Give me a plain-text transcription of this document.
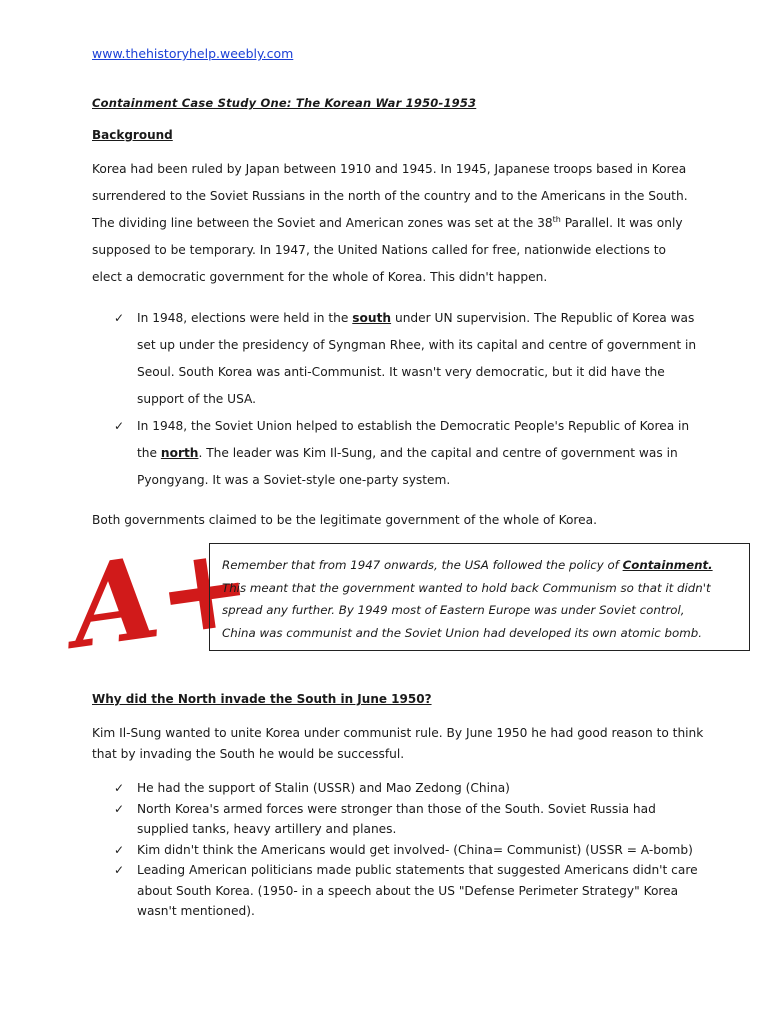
www.thehistoryhelp.weebly.com
Containment Case Study One: The Korean War 1950-1953
Background
Korea had been ruled by Japan between 1910 and 1945. In 1945, Japanese troops based in Korea
surrendered to the Soviet Russians in the north of the country and to the Americans in the South.
The dividing line between the Soviet and American zones was set at the 38th Parallel. It was only
supposed to be temporary. In 1947, the United Nations called for free, nationwide elections to
elect a democratic government for the whole of Korea. This didn't happen.
✓ In 1948, elections were held in the south under UN supervision. The Republic of Korea was
set up under the presidency of Syngman Rhee, with its capital and centre of government in
Seoul. South Korea was anti-Communist. It wasn't very democratic, but it did have the
support of the USA.
✓ In 1948, the Soviet Union helped to establish the Democratic People's Republic of Korea in
the north. The leader was Kim Il-Sung, and the capital and centre of government was in
Pyongyang. It was a Soviet-style one-party system.
Both governments claimed to be the legitimate government of the whole of Korea.
A+
Remember that from 1947 onwards, the USA followed the policy of Containment.
This meant that the government wanted to hold back Communism so that it didn't
spread any further. By 1949 most of Eastern Europe was under Soviet control,
China was communist and the Soviet Union had developed its own atomic bomb.
Why did the North invade the South in June 1950?
Kim Il-Sung wanted to unite Korea under communist rule. By June 1950 he had good reason to think
that by invading the South he would be successful.
✓ He had the support of Stalin (USSR) and Mao Zedong (China)
✓ North Korea's armed forces were stronger than those of the South. Soviet Russia had
supplied tanks, heavy artillery and planes.
✓ Kim didn't think the Americans would get involved- (China= Communist) (USSR = A-bomb)
✓ Leading American politicians made public statements that suggested Americans didn't care
about South Korea. (1950- in a speech about the US "Defense Perimeter Strategy" Korea
wasn't mentioned).
